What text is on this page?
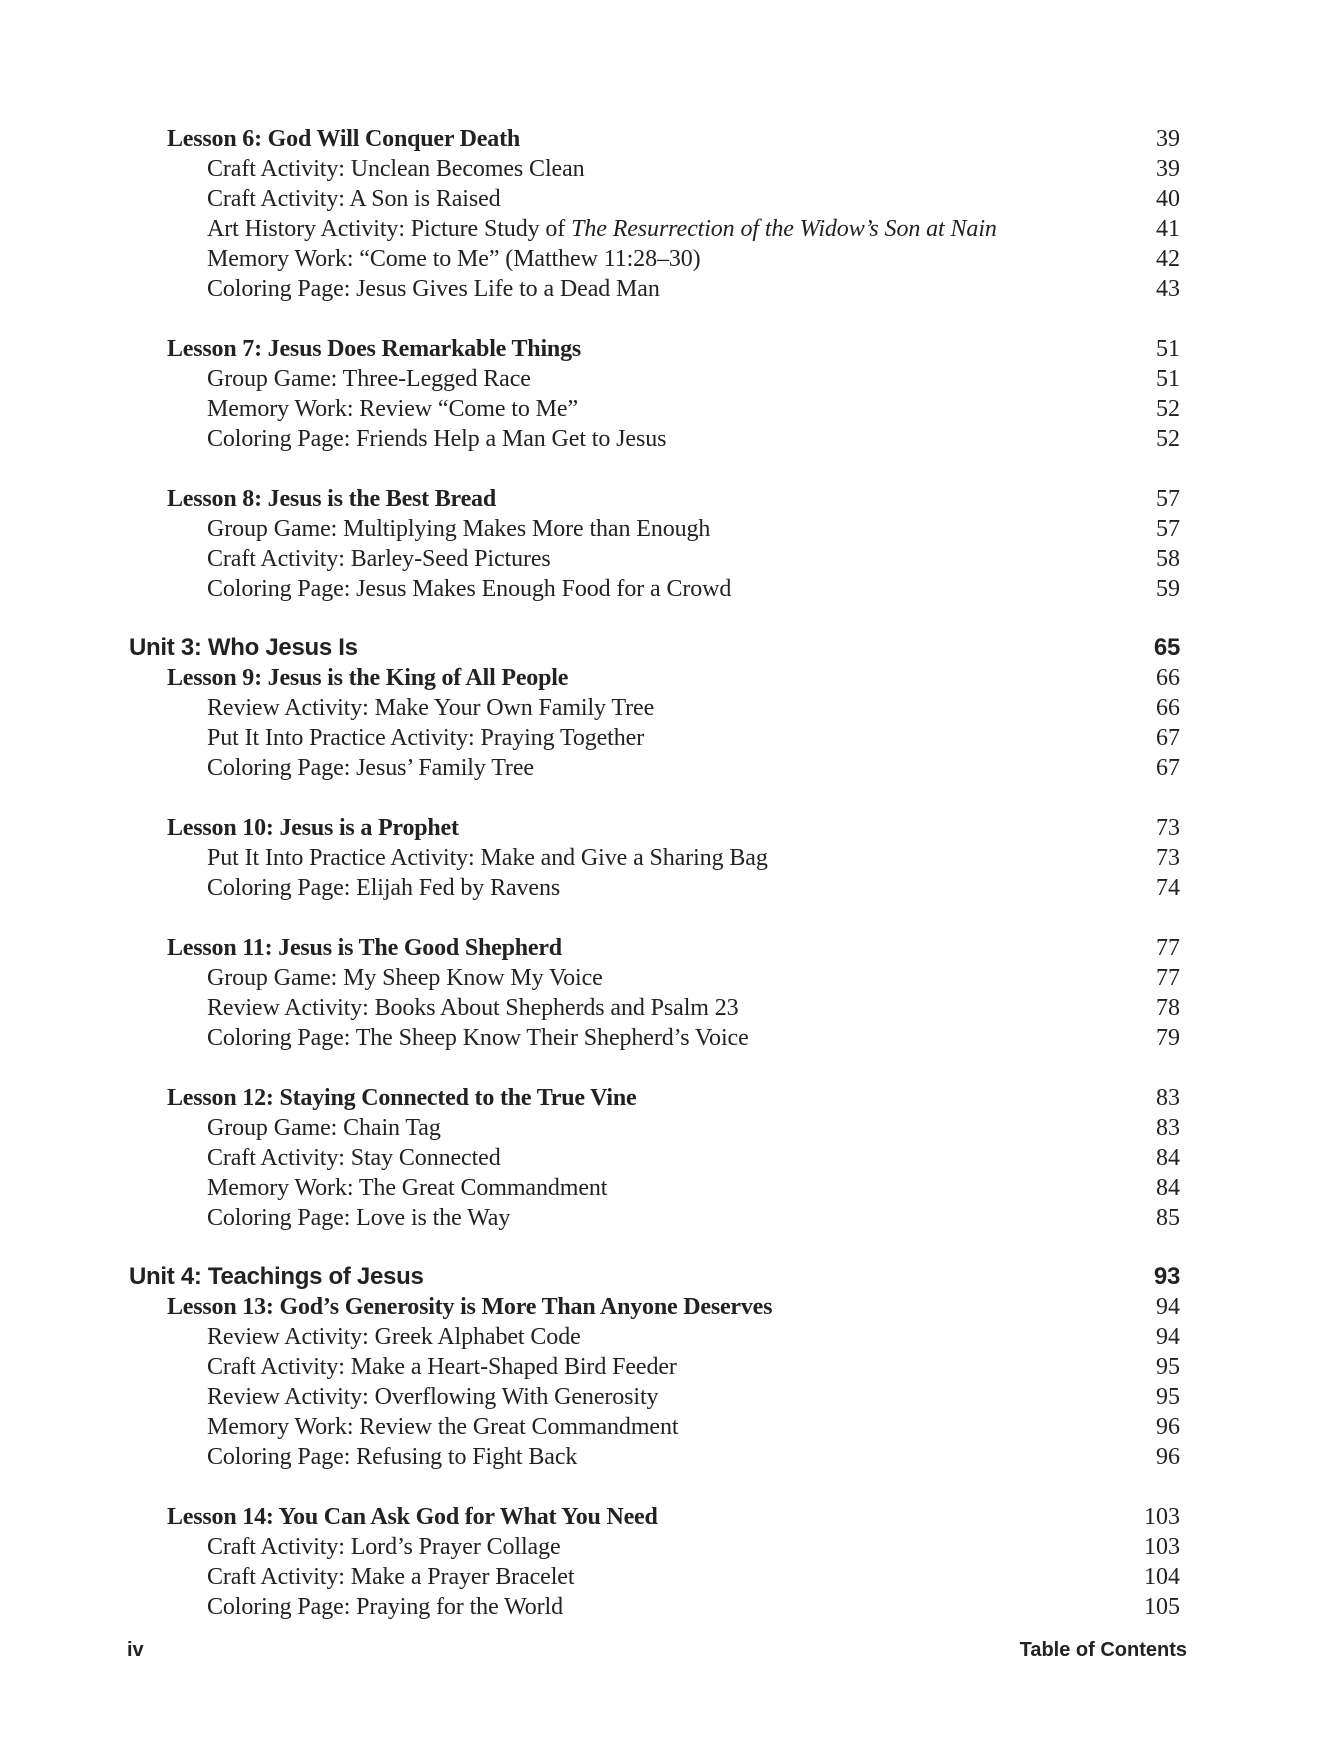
Lesson 6: God Will Conquer Death	39
Craft Activity: Unclean Becomes Clean	39
Craft Activity: A Son is Raised	40
Art History Activity: Picture Study of The Resurrection of the Widow’s Son at Nain	41
Memory Work: “Come to Me” (Matthew 11:28–30)	42
Coloring Page: Jesus Gives Life to a Dead Man	43
Lesson 7: Jesus Does Remarkable Things	51
Group Game: Three-Legged Race	51
Memory Work: Review “Come to Me”	52
Coloring Page: Friends Help a Man Get to Jesus	52
Lesson 8: Jesus is the Best Bread	57
Group Game: Multiplying Makes More than Enough	57
Craft Activity: Barley-Seed Pictures	58
Coloring Page: Jesus Makes Enough Food for a Crowd	59
Unit 3: Who Jesus Is	65
Lesson 9: Jesus is the King of All People	66
Review Activity: Make Your Own Family Tree	66
Put It Into Practice Activity: Praying Together	67
Coloring Page: Jesus’ Family Tree	67
Lesson 10: Jesus is a Prophet	73
Put It Into Practice Activity: Make and Give a Sharing Bag	73
Coloring Page: Elijah Fed by Ravens	74
Lesson 11: Jesus is The Good Shepherd	77
Group Game: My Sheep Know My Voice	77
Review Activity: Books About Shepherds and Psalm 23	78
Coloring Page: The Sheep Know Their Shepherd’s Voice	79
Lesson 12: Staying Connected to the True Vine	83
Group Game: Chain Tag	83
Craft Activity: Stay Connected	84
Memory Work: The Great Commandment	84
Coloring Page: Love is the Way	85
Unit 4: Teachings of Jesus	93
Lesson 13: God’s Generosity is More Than Anyone Deserves	94
Review Activity: Greek Alphabet Code	94
Craft Activity: Make a Heart-Shaped Bird Feeder	95
Review Activity: Overflowing With Generosity	95
Memory Work: Review the Great Commandment	96
Coloring Page: Refusing to Fight Back	96
Lesson 14: You Can Ask God for What You Need	103
Craft Activity: Lord’s Prayer Collage	103
Craft Activity: Make a Prayer Bracelet	104
Coloring Page: Praying for the World	105
iv	Table of Contents
